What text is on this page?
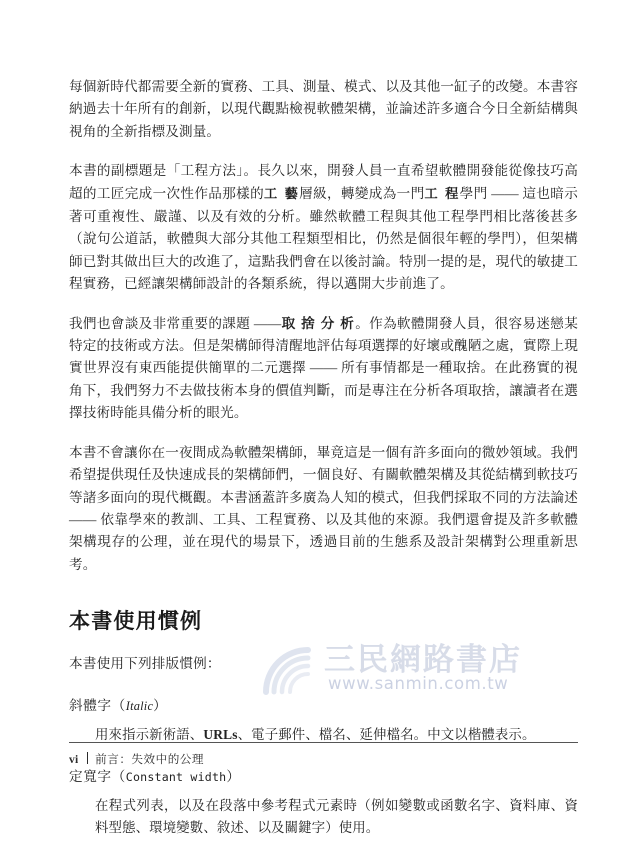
三民網路書店
www.sanmin.com.tw

每個新時代都需要全新的實務、工具、測量、模式、以及其他一缸子的改變。本書容納過去十年所有的創新，以現代觀點檢視軟體架構，並論述許多適合今日全新結構與視角的全新指標及測量。

本書的副標題是「工程方法」。長久以來，開發人員一直希望軟體開發能從像技巧高超的工匠完成一次性作品那樣的工 藝層級，轉變成為一門工 程學門 —— 這也暗示著可重複性、嚴謹、以及有效的分析。雖然軟體工程與其他工程學門相比落後甚多（說句公道話，軟體與大部分其他工程類型相比，仍然是個很年輕的學門），但架構師已對其做出巨大的改進了，這點我們會在以後討論。特別一提的是，現代的敏捷工程實務，已經讓架構師設計的各類系統，得以邁開大步前進了。

我們也會談及非常重要的課題 ——取 捨 分 析。作為軟體開發人員，很容易迷戀某特定的技術或方法。但是架構師得清醒地評估每項選擇的好壞或醜陋之處，實際上現實世界沒有東西能提供簡單的二元選擇 —— 所有事情都是一種取捨。在此務實的視角下，我們努力不去做技術本身的價值判斷，而是專注在分析各項取捨，讓讀者在選擇技術時能具備分析的眼光。

本書不會讓你在一夜間成為軟體架構師，畢竟這是一個有許多面向的微妙領域。我們希望提供現任及快速成長的架構師們，一個良好、有關軟體架構及其從結構到軟技巧等諸多面向的現代概觀。本書涵蓋許多廣為人知的模式，但我們採取不同的方法論述 —— 依靠學來的教訓、工具、工程實務、以及其他的來源。我們還會提及許多軟體架構現存的公理，並在現代的場景下，透過目前的生態系及設計架構對公理重新思考。

本書使用慣例

本書使用下列排版慣例：

斜體字（Italic）
用來指示新術語、URLs、電子郵件、檔名、延伸檔名。中文以楷體表示。
定寬字（Constant width）
在程式列表，以及在段落中參考程式元素時（例如變數或函數名字、資料庫、資料型態、環境變數、敘述、以及關鍵字）使用。
vi 前言：失效中的公理
